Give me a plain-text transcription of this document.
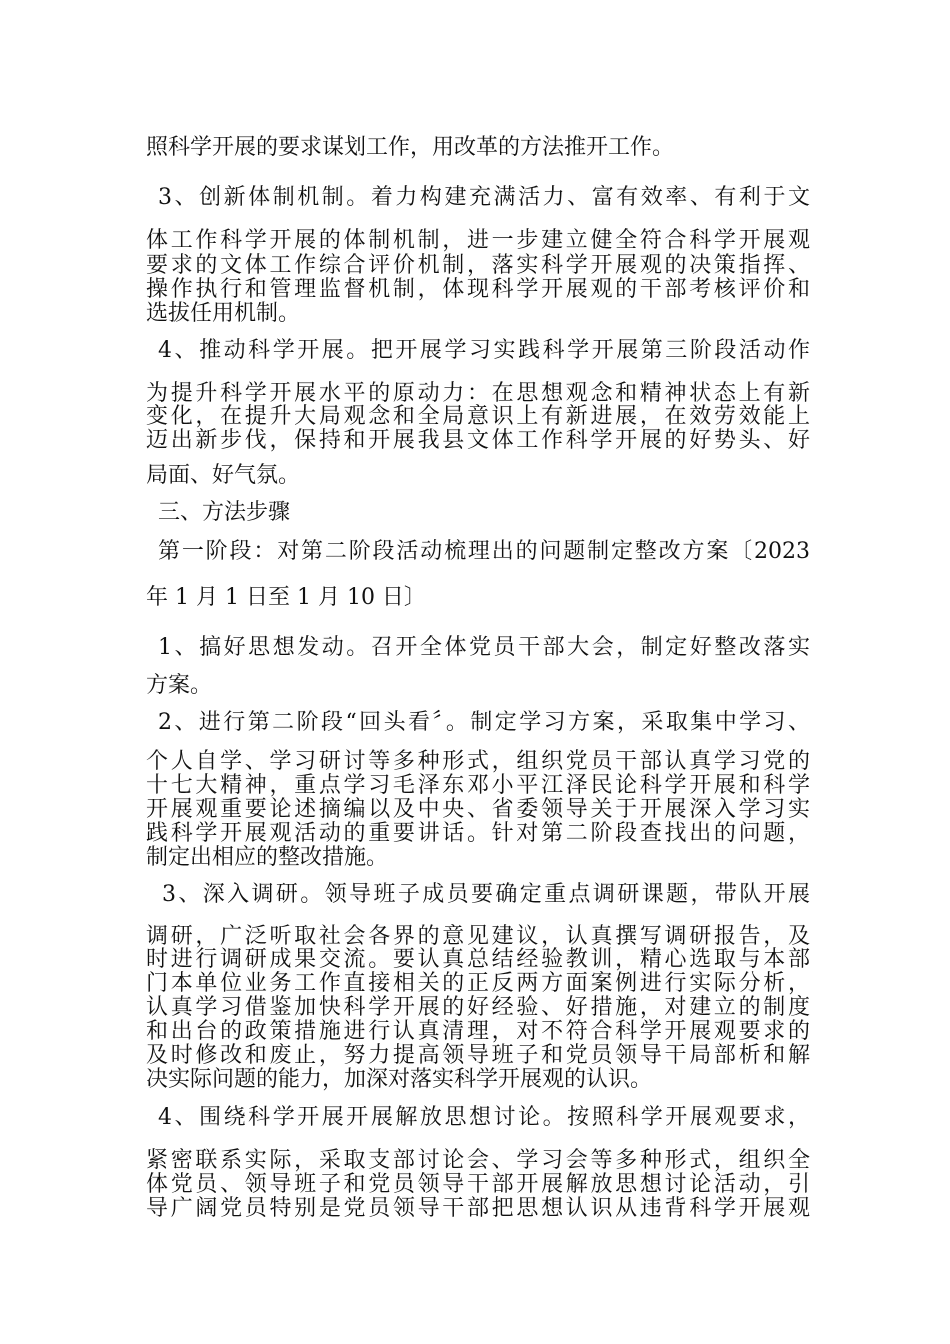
照科学开展的要求谋划工作，用改革的方法推开工作。

3、创新体制机制。着力构建充满活力、富有效率、有利于文

体工作科学开展的体制机制，进一步建立健全符合科学开展观

要求的文体工作综合评价机制，落实科学开展观的决策指挥、

操作执行和管理监督机制，体现科学开展观的干部考核评价和

选拔任用机制。

4、推动科学开展。把开展学习实践科学开展第三阶段活动作

为提升科学开展水平的原动力：在思想观念和精神状态上有新

变化，在提升大局观念和全局意识上有新进展，在效劳效能上

迈出新步伐，保持和开展我县文体工作科学开展的好势头、好

局面、好气氛。

三、方法步骤

第一阶段：对第二阶段活动梳理出的问题制定整改方案〔2023

年 1 月 1 日至 1 月 10 日〕

1、搞好思想发动。召开全体党员干部大会，制定好整改落实

方案。

2、进行第二阶段“回头看〞。制定学习方案，采取集中学习、

个人自学、学习研讨等多种形式，组织党员干部认真学习党的

十七大精神，重点学习毛泽东邓小平江泽民论科学开展和科学

开展观重要论述摘编以及中央、省委领导关于开展深入学习实

践科学开展观活动的重要讲话。针对第二阶段查找出的问题，

制定出相应的整改措施。

3、深入调研。领导班子成员要确定重点调研课题，带队开展

调研，广泛听取社会各界的意见建议，认真撰写调研报告，及

时进行调研成果交流。要认真总结经验教训，精心选取与本部

门本单位业务工作直接相关的正反两方面案例进行实际分析，

认真学习借鉴加快科学开展的好经验、好措施，对建立的制度

和出台的政策措施进行认真清理，对不符合科学开展观要求的

及时修改和废止，努力提高领导班子和党员领导干局部析和解

决实际问题的能力，加深对落实科学开展观的认识。

4、围绕科学开展开展解放思想讨论。按照科学开展观要求，

紧密联系实际，采取支部讨论会、学习会等多种形式，组织全

体党员、领导班子和党员领导干部开展解放思想讨论活动，引

导广阔党员特别是党员领导干部把思想认识从违背科学开展观
